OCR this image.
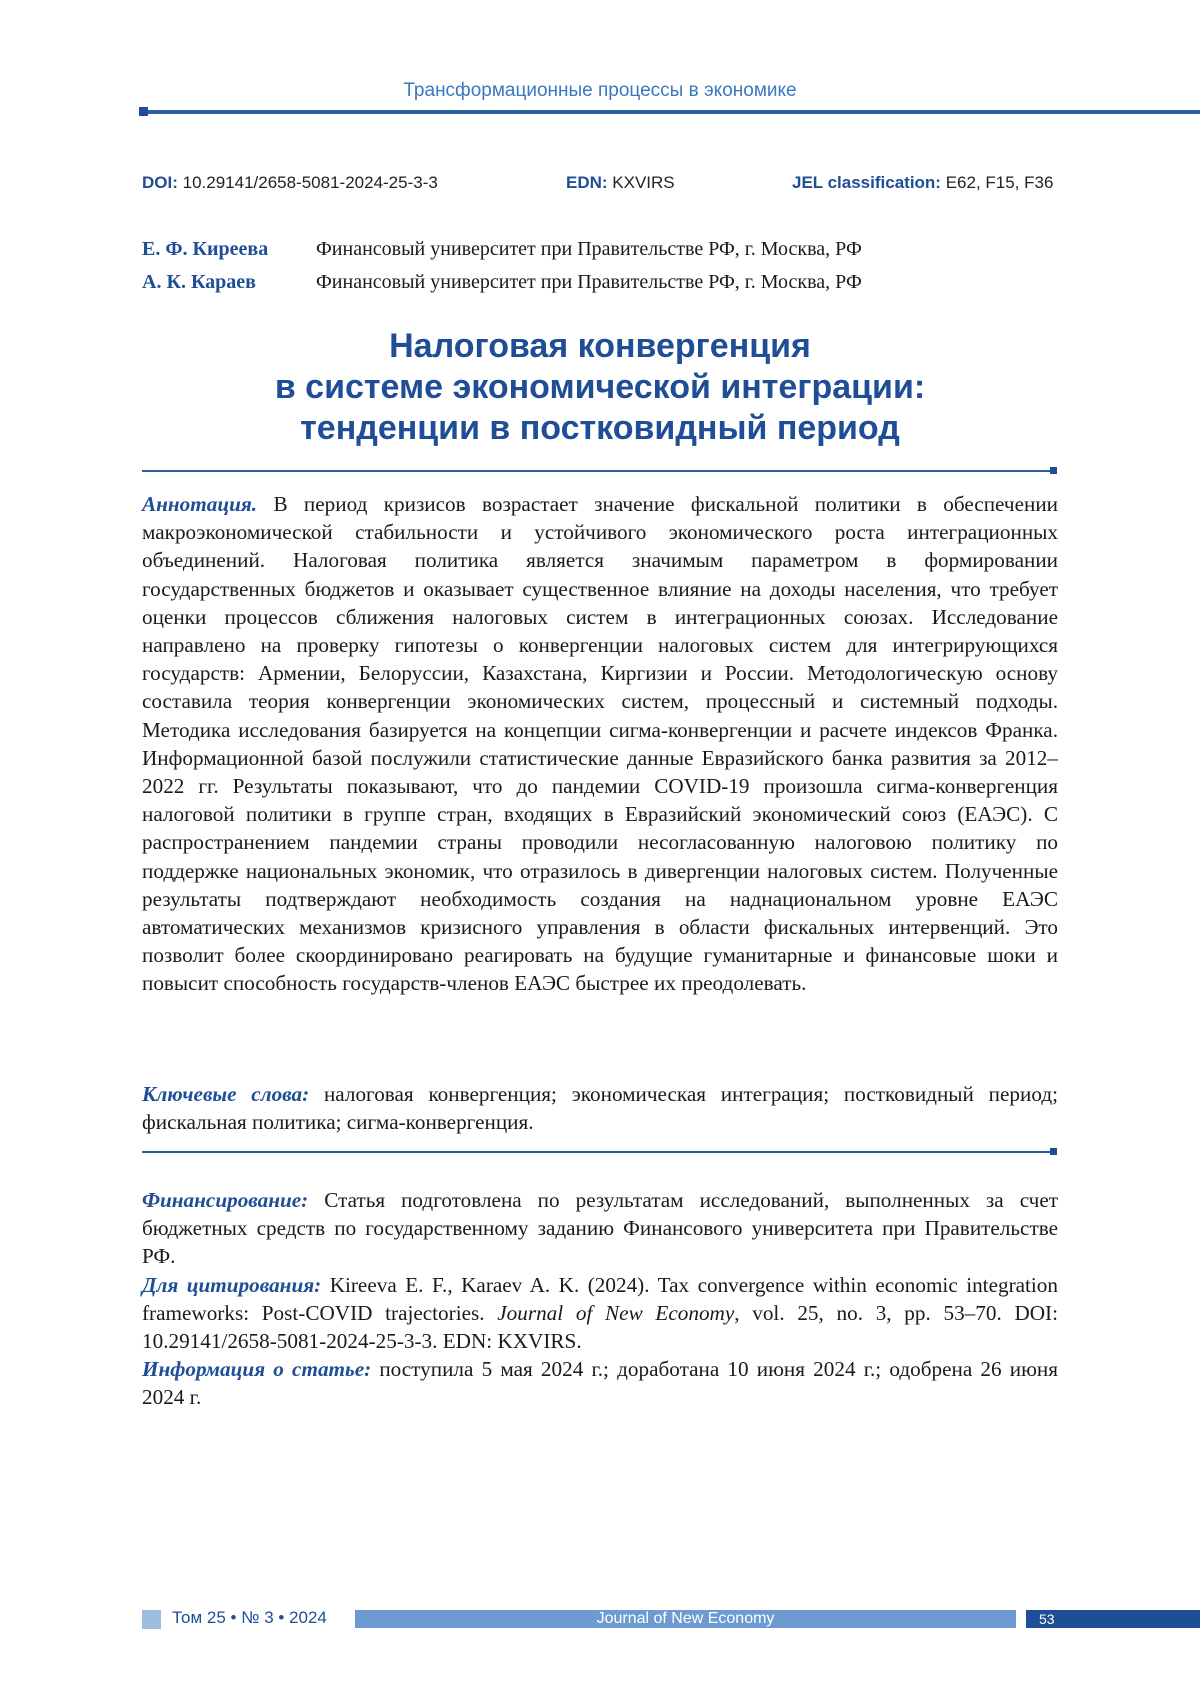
Трансформационные процессы в экономике
DOI: 10.29141/2658-5081-2024-25-3-3	EDN: KXVIRS	JEL classification: E62, F15, F36
Е. Ф. Киреева Финансовый университет при Правительстве РФ, г. Москва, РФ
А. К. Караев	Финансовый университет при Правительстве РФ, г. Москва, РФ
Налоговая конвергенция
в системе экономической интеграции:
тенденции в постковидный период
Аннотация. В период кризисов возрастает значение фискальной политики в обеспечении макроэкономической стабильности и устойчивого экономического роста интеграционных объединений. Налоговая политика является значимым параметром в формировании государственных бюджетов и оказывает существенное влияние на доходы населения, что требует оценки процессов сближения налоговых систем в интеграционных союзах. Исследование направлено на проверку гипотезы о конвергенции налоговых систем для интегрирующихся государств: Армении, Белоруссии, Казахстана, Киргизии и России. Методологическую основу составила теория конвергенции экономических систем, процессный и системный подходы. Методика исследования базируется на концепции сигма-конвергенции и расчете индексов Франка. Информационной базой послужили статистические данные Евразийского банка развития за 2012–2022 гг. Результаты показывают, что до пандемии COVID-19 произошла сигма-конвергенция налоговой политики в группе стран, входящих в Евразийский экономический союз (ЕАЭС). С распространением пандемии страны проводили несогласованную налоговою политику по поддержке национальных экономик, что отразилось в дивергенции налоговых систем. Полученные результаты подтверждают необходимость создания на наднациональном уровне ЕАЭС автоматических механизмов кризисного управления в области фискальных интервенций. Это позволит более скоординировано реагировать на будущие гуманитарные и финансовые шоки и повысит способность государств-членов ЕАЭС быстрее их преодолевать.
Ключевые слова: налоговая конвергенция; экономическая интеграция; постковидный период; фискальная политика; сигма-конвергенция.

Финансирование: Статья подготовлена по результатам исследований, выполненных за счет бюджетных средств по государственному заданию Финансового университета при Правительстве РФ.

Для цитирования: Kireeva E. F., Karaev A. K. (2024). Tax convergence within economic integration frameworks: Post-COVID trajectories. Journal of New Economy, vol. 25, no. 3, pp. 53–70. DOI: 10.29141/2658-5081-2024-25-3-3. EDN: KXVIRS.

Информация о статье: поступила 5 мая 2024 г.; доработана 10 июня 2024 г.; одобрена 26 июня 2024 г.

Том 25 • № 3 • 2024	Journal of New Economy	53
